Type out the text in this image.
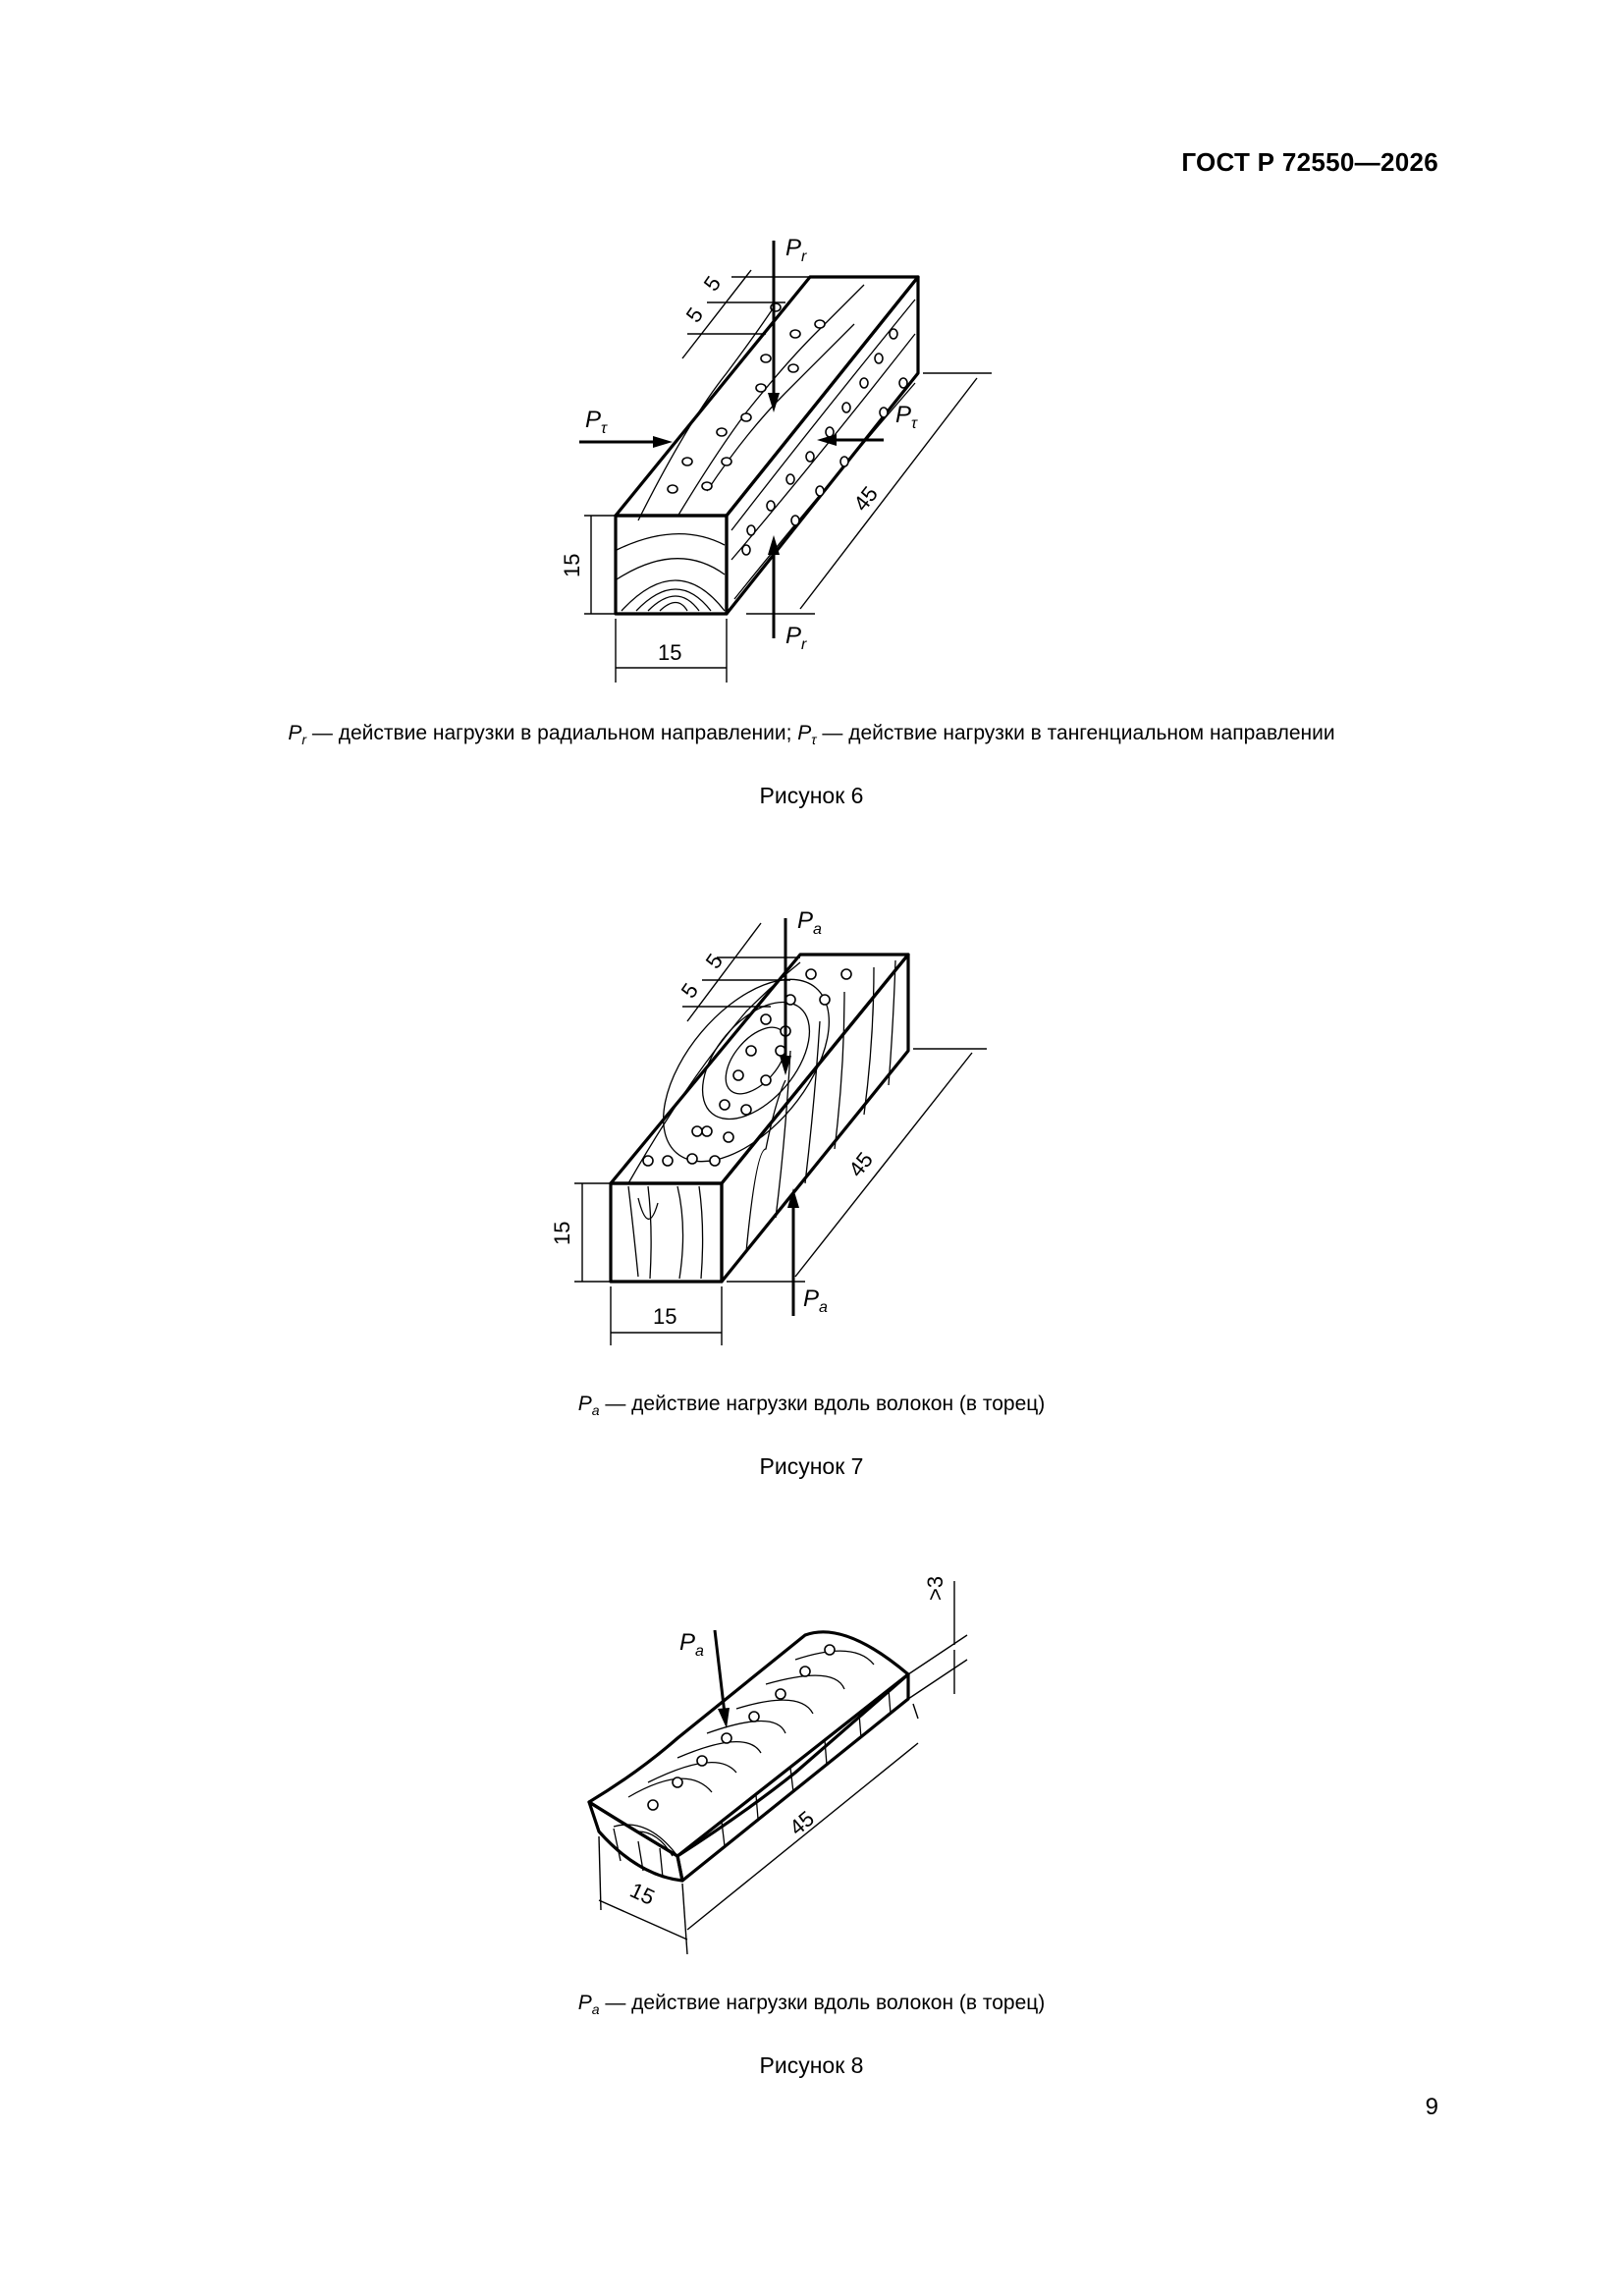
ГОСТ Р 72550—2026
$P_r$
$P_r$
$P_\tau$
$P_\tau$
5
5
45
15
15
$P_r$ — действие нагрузки в радиальном направлении; $P_\tau$ — действие нагрузки в тангенциальном направлении
Рисунок 6
$P_a$
$P_a$
5
5
45
15
15
$P_a$ — действие нагрузки вдоль волокон (в торец)
Рисунок 7
$P_a$
>3
45
15
$P_a$ — действие нагрузки вдоль волокон (в торец)
Рисунок 8
9
